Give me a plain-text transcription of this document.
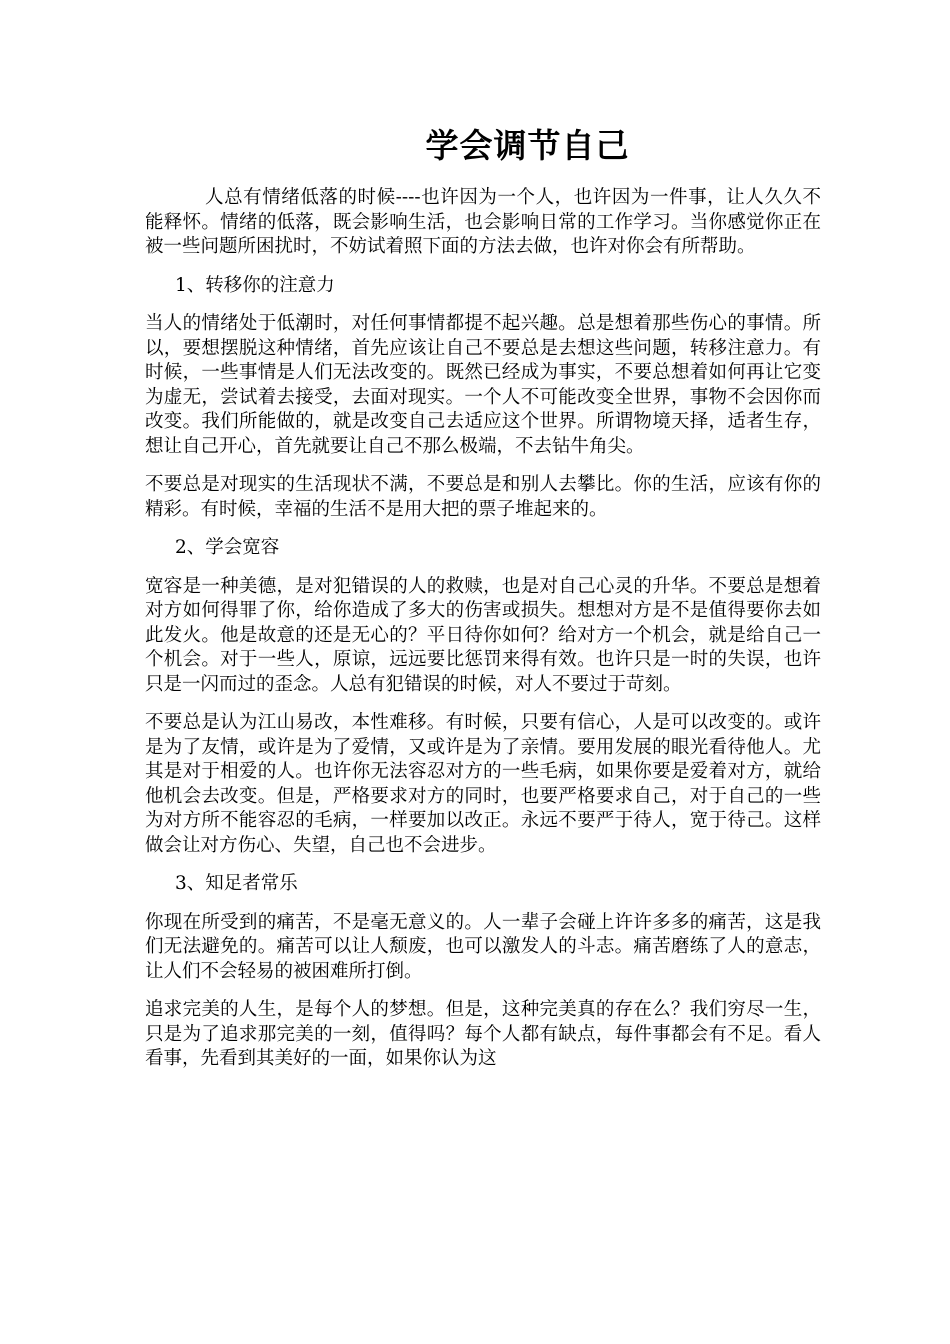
学会调节自己

人总有情绪低落的时候----也许因为一个人，也许因为一件事，让人久久不能释怀。情绪的低落，既会影响生活，也会影响日常的工作学习。当你感觉你正在被一些问题所困扰时，不妨试着照下面的方法去做，也许对你会有所帮助。

1、转移你的注意力

当人的情绪处于低潮时，对任何事情都提不起兴趣。总是想着那些伤心的事情。所以，要想摆脱这种情绪，首先应该让自己不要总是去想这些问题，转移注意力。有时候，一些事情是人们无法改变的。既然已经成为事实，不要总想着如何再让它变为虚无，尝试着去接受，去面对现实。一个人不可能改变全世界，事物不会因你而改变。我们所能做的，就是改变自己去适应这个世界。所谓物境天择，适者生存，想让自己开心，首先就要让自己不那么极端，不去钻牛角尖。

不要总是对现实的生活现状不满，不要总是和别人去攀比。你的生活，应该有你的精彩。有时候，幸福的生活不是用大把的票子堆起来的。

2、学会宽容

宽容是一种美德，是对犯错误的人的救赎，也是对自己心灵的升华。不要总是想着对方如何得罪了你，给你造成了多大的伤害或损失。想想对方是不是值得要你去如此发火。他是故意的还是无心的？平日待你如何？给对方一个机会，就是给自己一个机会。对于一些人，原谅，远远要比惩罚来得有效。也许只是一时的失误，也许只是一闪而过的歪念。人总有犯错误的时候，对人不要过于苛刻。

不要总是认为江山易改，本性难移。有时候，只要有信心，人是可以改变的。或许是为了友情，或许是为了爱情，又或许是为了亲情。要用发展的眼光看待他人。尤其是对于相爱的人。也许你无法容忍对方的一些毛病，如果你要是爱着对方，就给他机会去改变。但是，严格要求对方的同时，也要严格要求自己，对于自己的一些为对方所不能容忍的毛病，一样要加以改正。永远不要严于待人，宽于待己。这样做会让对方伤心、失望，自己也不会进步。

3、知足者常乐

你现在所受到的痛苦，不是毫无意义的。人一辈子会碰上许许多多的痛苦，这是我们无法避免的。痛苦可以让人颓废，也可以激发人的斗志。痛苦磨练了人的意志，让人们不会轻易的被困难所打倒。

追求完美的人生，是每个人的梦想。但是，这种完美真的存在么？我们穷尽一生，只是为了追求那完美的一刻，值得吗？每个人都有缺点，每件事都会有不足。看人看事，先看到其美好的一面，如果你认为这
